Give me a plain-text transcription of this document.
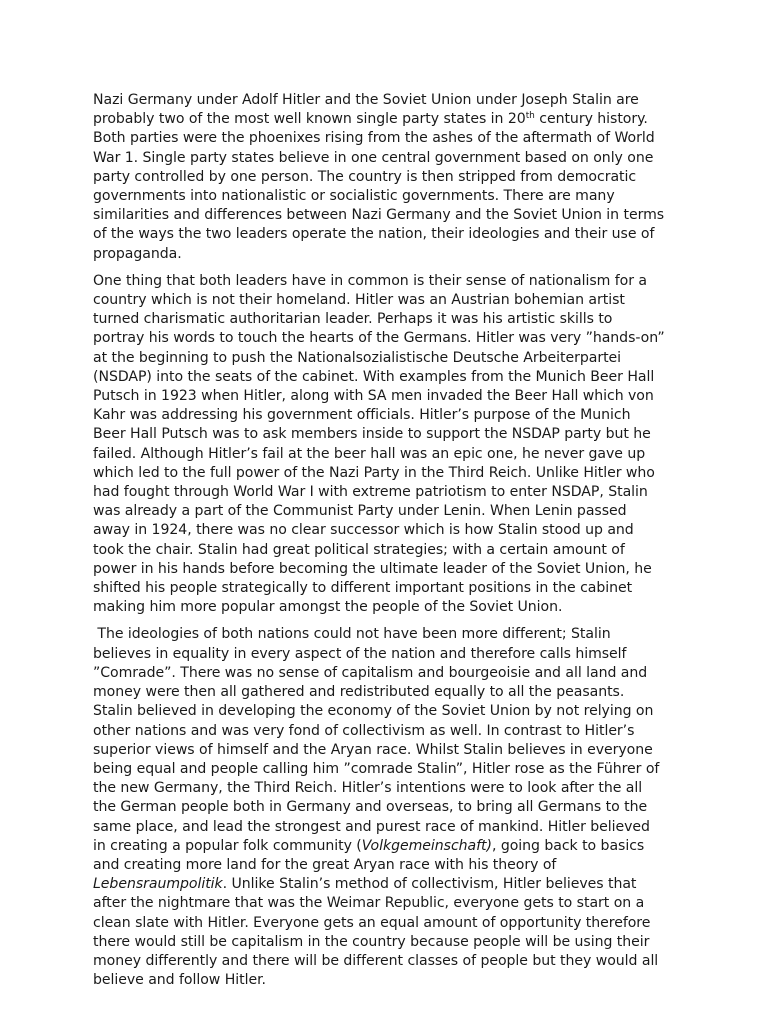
Nazi Germany under Adolf Hitler and the Soviet Union under Joseph Stalin are
probably two of the most well known single party states in 20th century history.
Both parties were the phoenixes rising from the ashes of the aftermath of World
War 1. Single party states believe in one central government based on only one
party controlled by one person. The country is then stripped from democratic
governments into nationalistic or socialistic governments. There are many
similarities and differences between Nazi Germany and the Soviet Union in terms
of the ways the two leaders operate the nation, their ideologies and their use of
propaganda.

One thing that both leaders have in common is their sense of nationalism for a
country which is not their homeland. Hitler was an Austrian bohemian artist
turned charismatic authoritarian leader. Perhaps it was his artistic skills to
portray his words to touch the hearts of the Germans. Hitler was very ”hands-on”
at the beginning to push the Nationalsozialistische Deutsche Arbeiterpartei
(NSDAP) into the seats of the cabinet. With examples from the Munich Beer Hall
Putsch in 1923 when Hitler, along with SA men invaded the Beer Hall which von
Kahr was addressing his government officials. Hitler’s purpose of the Munich
Beer Hall Putsch was to ask members inside to support the NSDAP party but he
failed. Although Hitler’s fail at the beer hall was an epic one, he never gave up
which led to the full power of the Nazi Party in the Third Reich. Unlike Hitler who
had fought through World War I with extreme patriotism to enter NSDAP, Stalin
was already a part of the Communist Party under Lenin. When Lenin passed
away in 1924, there was no clear successor which is how Stalin stood up and
took the chair. Stalin had great political strategies; with a certain amount of
power in his hands before becoming the ultimate leader of the Soviet Union, he
shifted his people strategically to different important positions in the cabinet
making him more popular amongst the people of the Soviet Union.

The ideologies of both nations could not have been more different; Stalin
believes in equality in every aspect of the nation and therefore calls himself
”Comrade”. There was no sense of capitalism and bourgeoisie and all land and
money were then all gathered and redistributed equally to all the peasants.
Stalin believed in developing the economy of the Soviet Union by not relying on
other nations and was very fond of collectivism as well. In contrast to Hitler’s
superior views of himself and the Aryan race. Whilst Stalin believes in everyone
being equal and people calling him ”comrade Stalin”, Hitler rose as the Führer of
the new Germany, the Third Reich. Hitler’s intentions were to look after the all
the German people both in Germany and overseas, to bring all Germans to the
same place, and lead the strongest and purest race of mankind. Hitler believed
in creating a popular folk community (Volkgemeinschaft), going back to basics
and creating more land for the great Aryan race with his theory of
Lebensraumpolitik. Unlike Stalin’s method of collectivism, Hitler believes that
after the nightmare that was the Weimar Republic, everyone gets to start on a
clean slate with Hitler. Everyone gets an equal amount of opportunity therefore
there would still be capitalism in the country because people will be using their
money differently and there will be different classes of people but they would all
believe and follow Hitler.
